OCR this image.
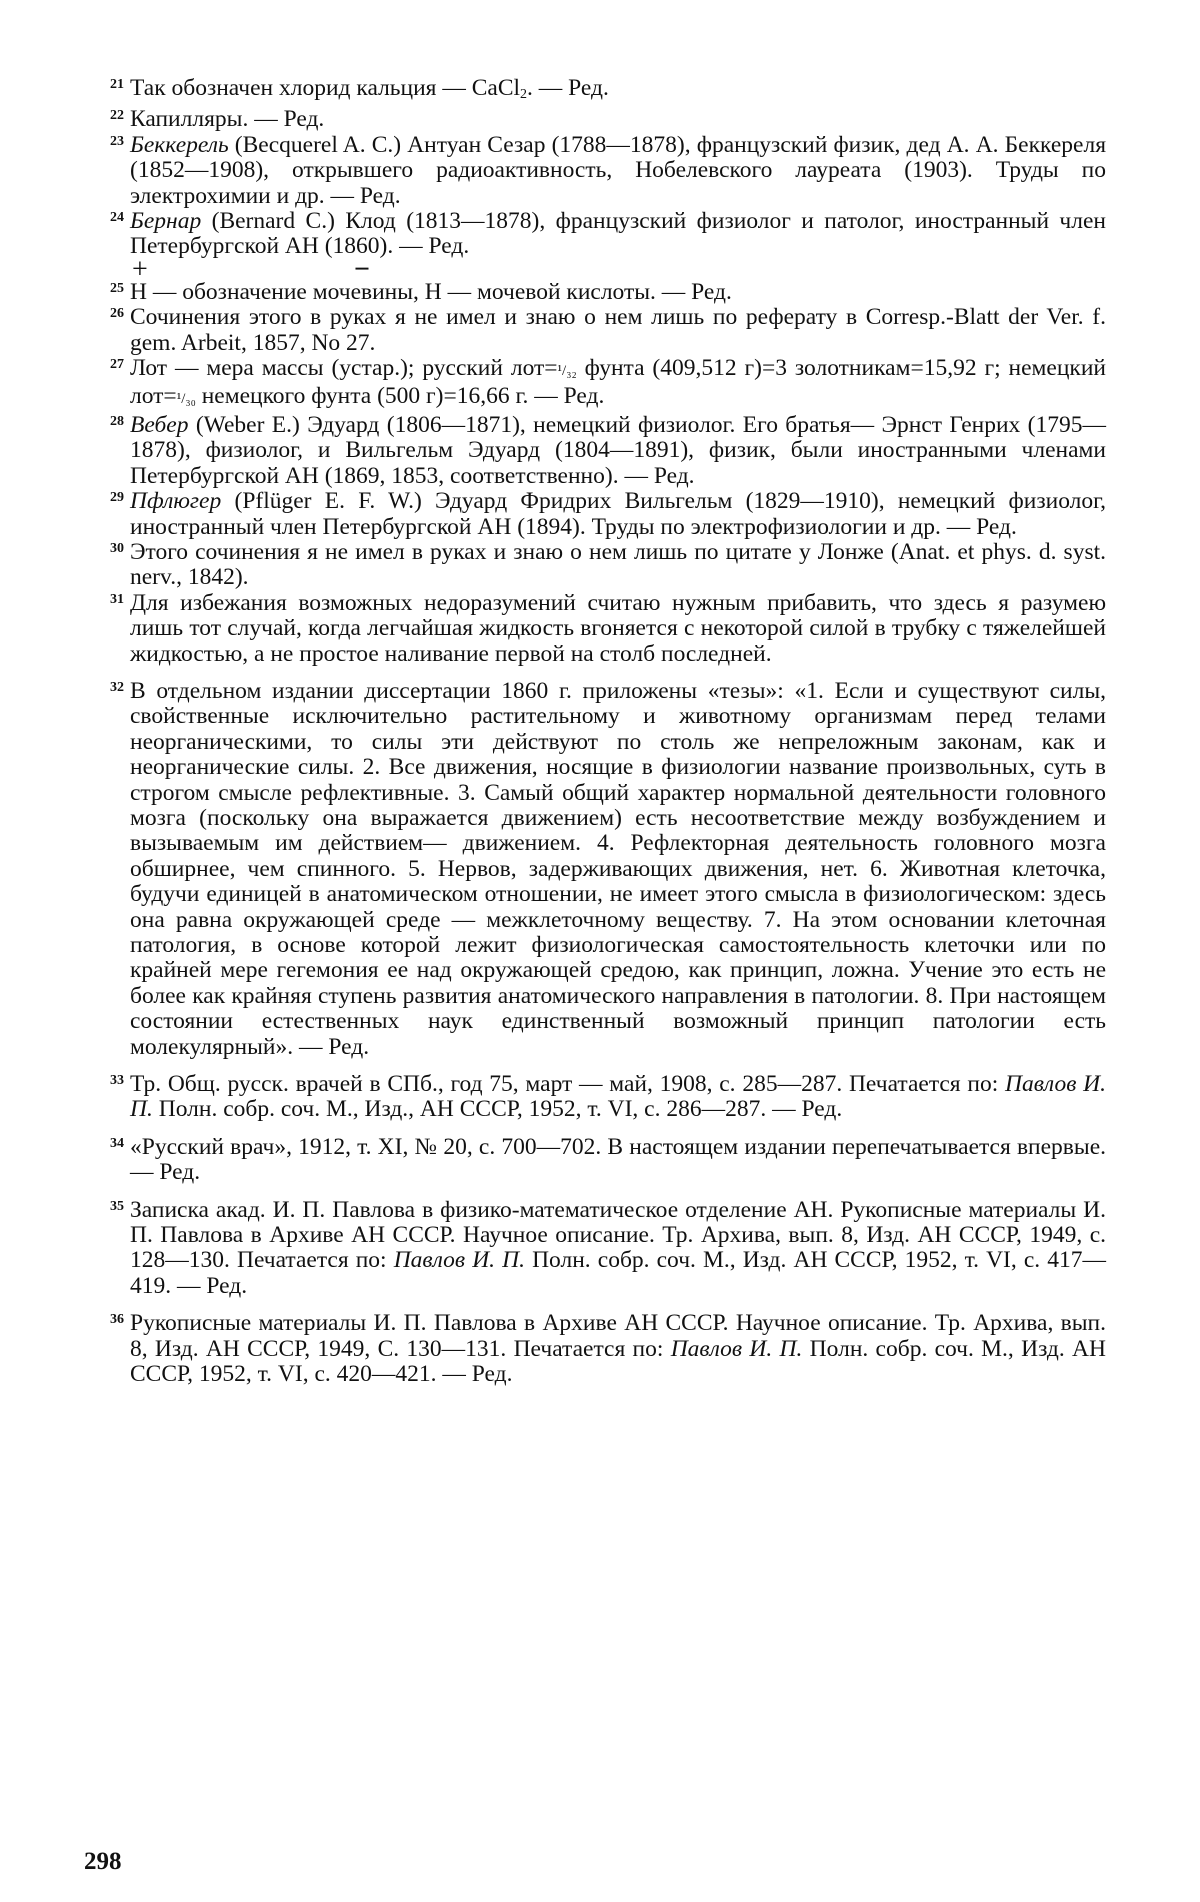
21 Так обозначен хлорид кальция — CaCl$_2$. — Ред.
22 Капилляры. — Ред.
23 Беккерель (Becquerel A. C.) Антуан Сезар (1788—1878), французский физик, дед А. А. Беккереля (1852—1908), открывшего радиоактивность, Нобелевского лауреата (1903). Труды по электрохимии и др. — Ред.
24 Бернар (Bernard C.) Клод (1813—1878), французский физиолог и патолог, иностранный член Петербургской АН (1860). — Ред.
+	−
25 Н — обозначение мочевины, Н — мочевой кислоты. — Ред.
26 Сочинения этого в руках я не имел и знаю о нем лишь по реферату в Corresp.-Blatt der Ver. f. gem. Arbeit, 1857, No 27.
27 Лот — мера массы (устар.); русский лот=¹/₃₂ фунта (409,512 г)=3 золотникам=15,92 г; немецкий лот=¹/₃₀ немецкого фунта (500 г)=16,66 г. — Ред.
28 Вебер (Weber E.) Эдуард (1806—1871), немецкий физиолог. Его братья— Эрнст Генрих (1795—1878), физиолог, и Вильгельм Эдуард (1804—1891), физик, были иностранными членами Петербургской АН (1869, 1853, соответственно). — Ред.
29 Пфлюгер (Pflüger E. F. W.) Эдуард Фридрих Вильгельм (1829—1910), немецкий физиолог, иностранный член Петербургской АН (1894). Труды по электрофизиологии и др. — Ред.
30 Этого сочинения я не имел в руках и знаю о нем лишь по цитате у Лонже (Anat. et phys. d. syst. nerv., 1842).
31 Для избежания возможных недоразумений считаю нужным прибавить, что здесь я разумею лишь тот случай, когда легчайшая жидкость вгоняется с некоторой силой в трубку с тяжелейшей жидкостью, а не простое наливание первой на столб последней.
32 В отдельном издании диссертации 1860 г. приложены «тезы»: «1. Если и существуют силы, свойственные исключительно растительному и животному организмам перед телами неорганическими, то силы эти действуют по столь же непреложным законам, как и неорганические силы. 2. Все движения, носящие в физиологии название произвольных, суть в строгом смысле рефлективные. 3. Самый общий характер нормальной деятельности головного мозга (поскольку она выражается движением) есть несоответствие между возбуждением и вызываемым им действием— движением. 4. Рефлекторная деятельность головного мозга обширнее, чем спинного. 5. Нервов, задерживающих движения, нет. 6. Животная клеточка, будучи единицей в анатомическом отношении, не имеет этого смысла в физиологическом: здесь она равна окружающей среде — межклеточному веществу. 7. На этом основании клеточная патология, в основе которой лежит физиологическая самостоятельность клеточки или по крайней мере гегемония ее над окружающей средою, как принцип, ложна. Учение это есть не более как крайняя ступень развития анатомического направления в патологии. 8. При настоящем состоянии естественных наук единственный возможный принцип патологии есть молекулярный». — Ред.
33 Тр. Общ. русск. врачей в СПб., год 75, март — май, 1908, с. 285—287. Печатается по: Павлов И. П. Полн. собр. соч. М., Изд., АН СССР, 1952, т. VI, с. 286—287. — Ред.
34 «Русский врач», 1912, т. XI, № 20, с. 700—702. В настоящем издании перепечатывается впервые. — Ред.
35 Записка акад. И. П. Павлова в физико-математическое отделение АН. Рукописные материалы И. П. Павлова в Архиве АН СССР. Научное описание. Тр. Архива, вып. 8, Изд. АН СССР, 1949, с. 128—130. Печатается по: Павлов И. П. Полн. собр. соч. М., Изд. АН СССР, 1952, т. VI, с. 417—419. — Ред.
36 Рукописные материалы И. П. Павлова в Архиве АН СССР. Научное описание. Тр. Архива, вып. 8, Изд. АН СССР, 1949, С. 130—131. Печатается по: Павлов И. П. Полн. собр. соч. М., Изд. АН СССР, 1952, т. VI, с. 420—421. — Ред.
298
